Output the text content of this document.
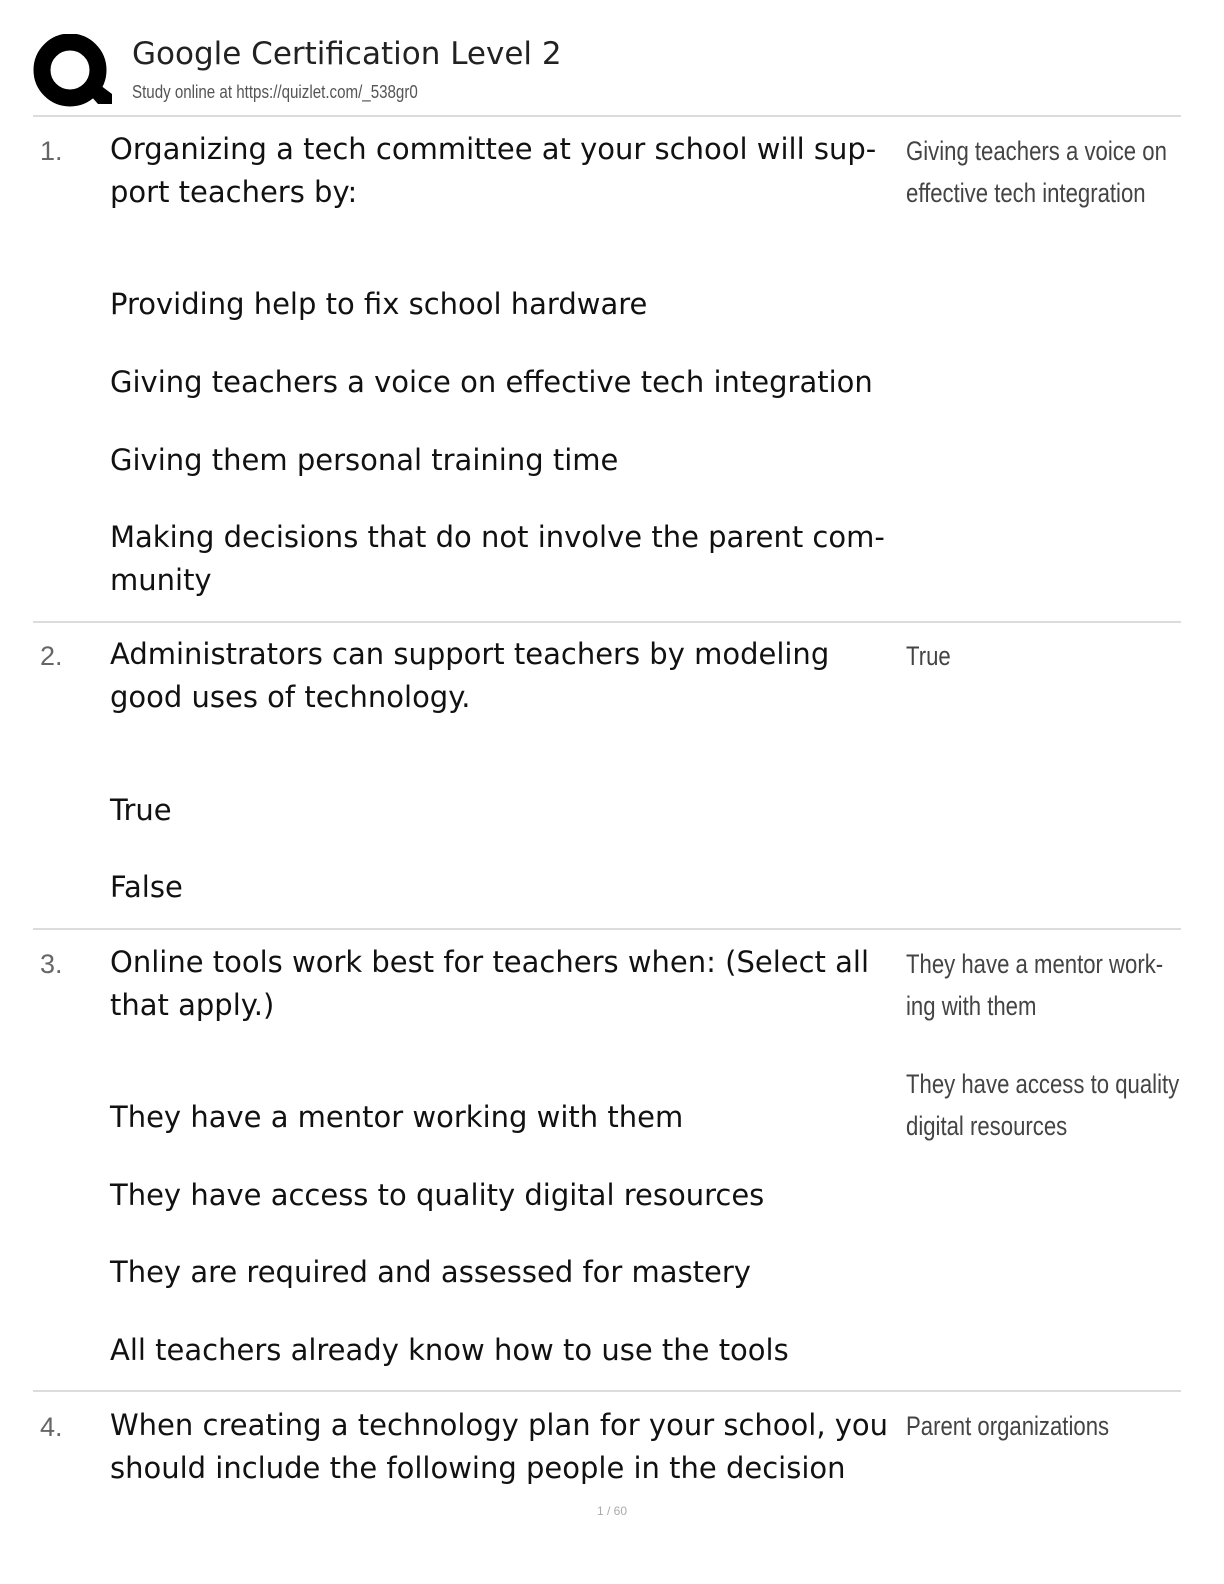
Google Certification Level 2
Study online at https://quizlet.com/_538gr0
1. Organizing a tech committee at your school will sup-
port teachers by:
Giving teachers a voice on
effective tech integration
Providing help to fix school hardware
Giving teachers a voice on effective tech integration
Giving them personal training time
Making decisions that do not involve the parent com-
munity
2. Administrators can support teachers by modeling
good uses of technology.
True
True
False
3. Online tools work best for teachers when: (Select all
that apply.)
They have a mentor work-
ing with them
They have access to quality
digital resources
They have a mentor working with them
They have access to quality digital resources
They are required and assessed for mastery
All teachers already know how to use the tools
4. When creating a technology plan for your school, you
should include the following people in the decision
Parent organizations
1 / 60
